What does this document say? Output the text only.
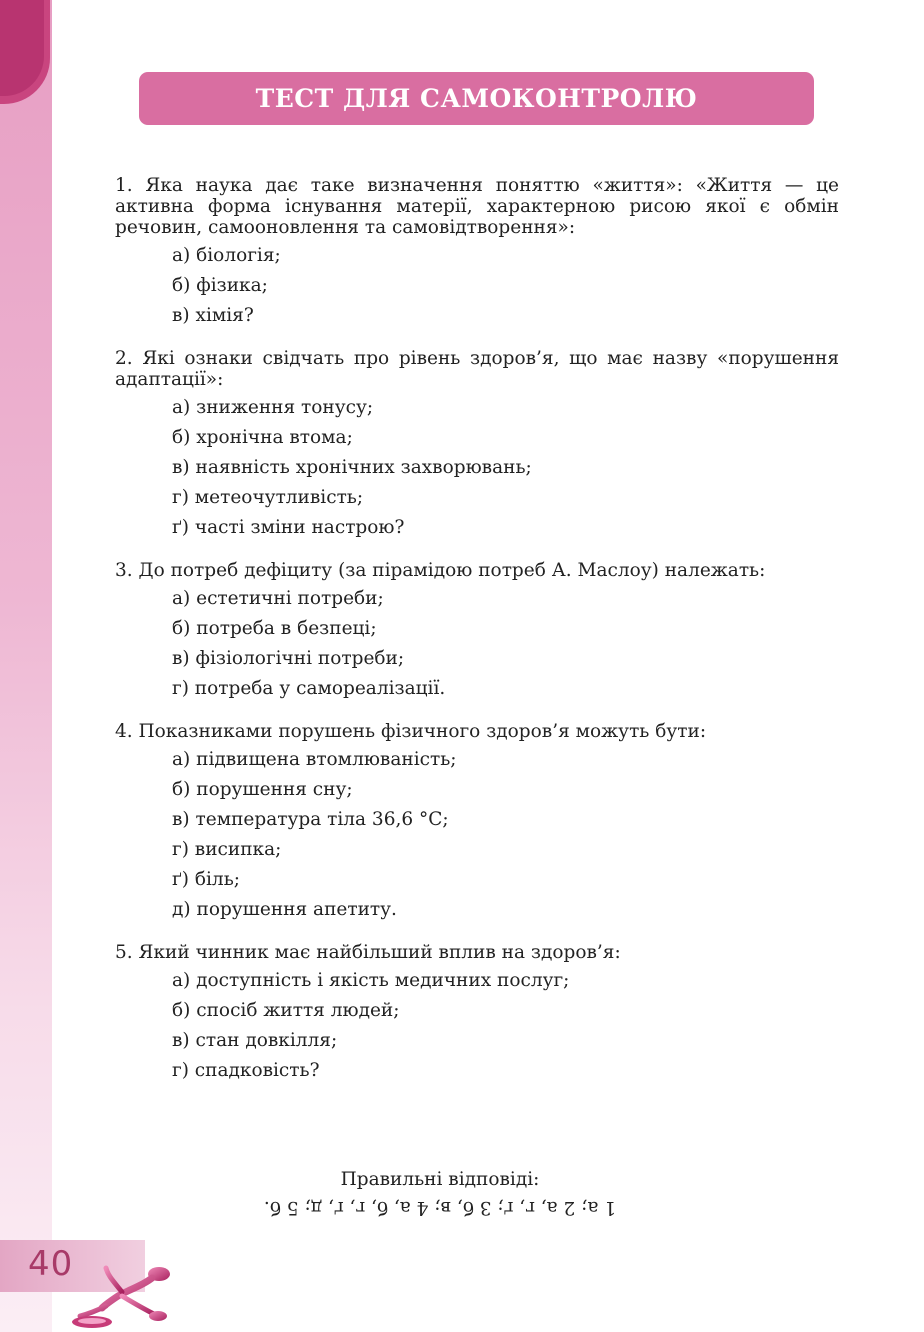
ТЕСТ ДЛЯ САМОКОНТРОЛЮ

1. Яка наука дає таке визначення поняттю «життя»: «Життя — це активна форма існування матерії, характерною рисою якої є обмін речовин, самооновлення та самовідтворення»:

а) біологія;
б) фізика;
в) хімія?

2. Які ознаки свідчать про рівень здоров’я, що має назву «порушення адаптації»:

а) зниження тонусу;
б) хронічна втома;
в) наявність хронічних захворювань;
г) метеочутливість;
ґ) часті зміни настрою?

3. До потреб дефіциту (за пірамідою потреб А. Маслоу) належать:

а) естетичні потреби;
б) потреба в безпеці;
в) фізіологічні потреби;
г) потреба у самореалізації.

4. Показниками порушень фізичного здоров’я можуть бути:

а) підвищена втомлюваність;
б) порушення сну;
в) температура тіла 36,6 °С;
г) висипка;
ґ) біль;
д) порушення апетиту.

5. Який чинник має найбільший вплив на здоров’я:

а) доступність і якість медичних послуг;
б) спосіб життя людей;
в) стан довкілля;
г) спадковість?
Правильні відповіді:
1 а; 2 а, г, ґ; 3 б, в; 4 а, б, г, ґ, д; 5 б.
40
